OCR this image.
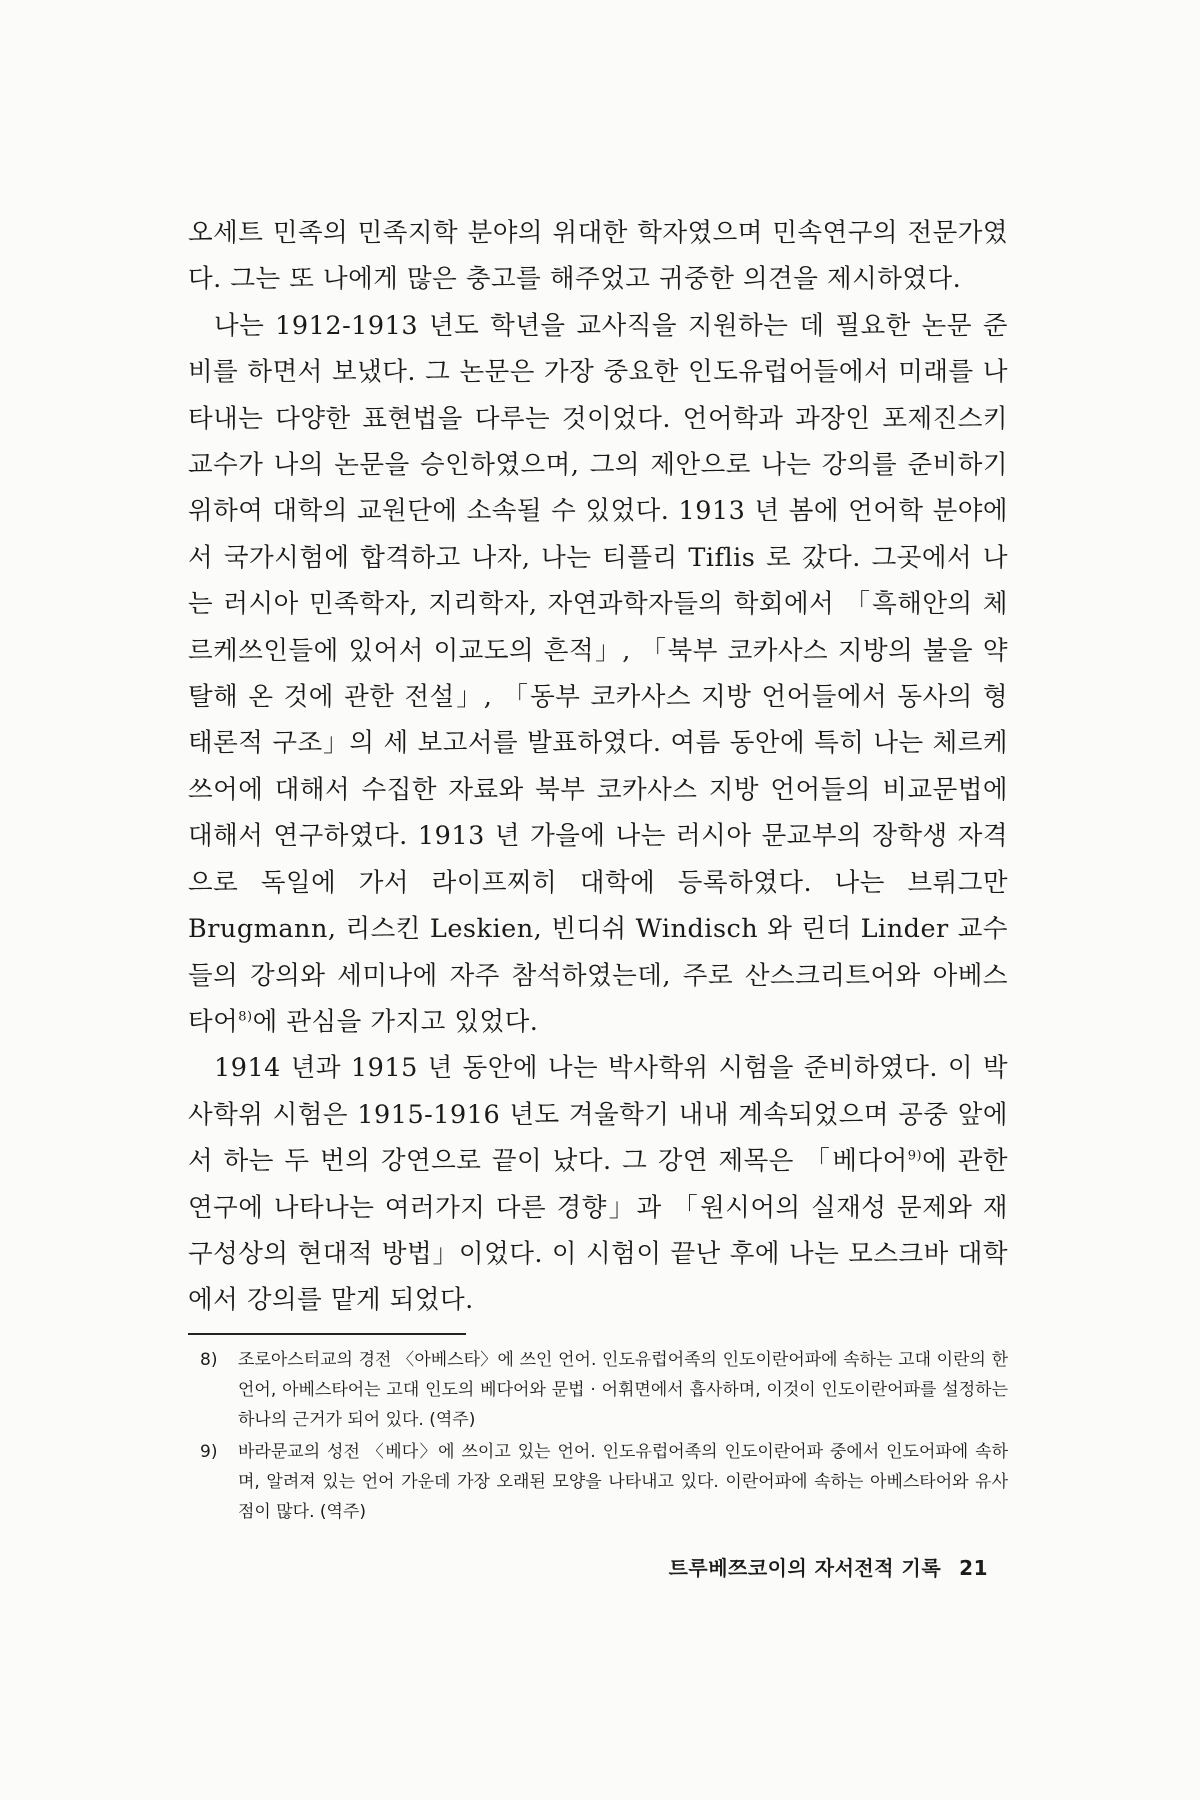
오세트 민족의 민족지학 분야의 위대한 학자였으며 민속연구의 전문가였다. 그는 또 나에게 많은 충고를 해주었고 귀중한 의견을 제시하였다.

나는 1912-1913 년도 학년을 교사직을 지원하는 데 필요한 논문 준비를 하면서 보냈다. 그 논문은 가장 중요한 인도유럽어들에서 미래를 나타내는 다양한 표현법을 다루는 것이었다. 언어학과 과장인 포제진스키 교수가 나의 논문을 승인하였으며, 그의 제안으로 나는 강의를 준비하기 위하여 대학의 교원단에 소속될 수 있었다. 1913 년 봄에 언어학 분야에서 국가시험에 합격하고 나자, 나는 티플리 Tiflis 로 갔다. 그곳에서 나는 러시아 민족학자, 지리학자, 자연과학자들의 학회에서 「흑해안의 체르케쓰인들에 있어서 이교도의 흔적」, 「북부 코카사스 지방의 불을 약탈해 온 것에 관한 전설」, 「동부 코카사스 지방 언어들에서 동사의 형태론적 구조」의 세 보고서를 발표하였다. 여름 동안에 특히 나는 체르케쓰어에 대해서 수집한 자료와 북부 코카사스 지방 언어들의 비교문법에 대해서 연구하였다. 1913 년 가을에 나는 러시아 문교부의 장학생 자격으로 독일에 가서 라이프찌히 대학에 등록하였다. 나는 브뤼그만 Brugmann, 리스킨 Leskien, 빈디쉬 Windisch 와 린더 Linder 교수 들의 강의와 세미나에 자주 참석하였는데, 주로 산스크리트어와 아베스타어$^{8)}$에 관심을 가지고 있었다.

1914 년과 1915 년 동안에 나는 박사학위 시험을 준비하였다. 이 박사학위 시험은 1915-1916 년도 겨울학기 내내 계속되었으며 공중 앞에서 하는 두 번의 강연으로 끝이 났다. 그 강연 제목은 「베다어$^{9)}$에 관한 연구에 나타나는 여러가지 다른 경향」과 「원시어의 실재성 문제와 재구성상의 현대적 방법」이었다. 이 시험이 끝난 후에 나는 모스크바 대학에서 강의를 맡게 되었다.

8)	조로아스터교의 경전 〈아베스타〉에 쓰인 언어. 인도유럽어족의 인도이란어파에 속하는 고대 이란의 한 언어, 아베스타어는 고대 인도의 베다어와 문법 · 어휘면에서 흡사하며, 이것이 인도이란어파를 설정하는 하나의 근거가 되어 있다. (역주)
9)	바라문교의 성전 〈베다〉에 쓰이고 있는 언어. 인도유럽어족의 인도이란어파 중에서 인도어파에 속하며, 알려져 있는 언어 가운데 가장 오래된 모양을 나타내고 있다. 이란어파에 속하는 아베스타어와 유사점이 많다. (역주)
트루베쯔코이의 자서전적 기록 21
